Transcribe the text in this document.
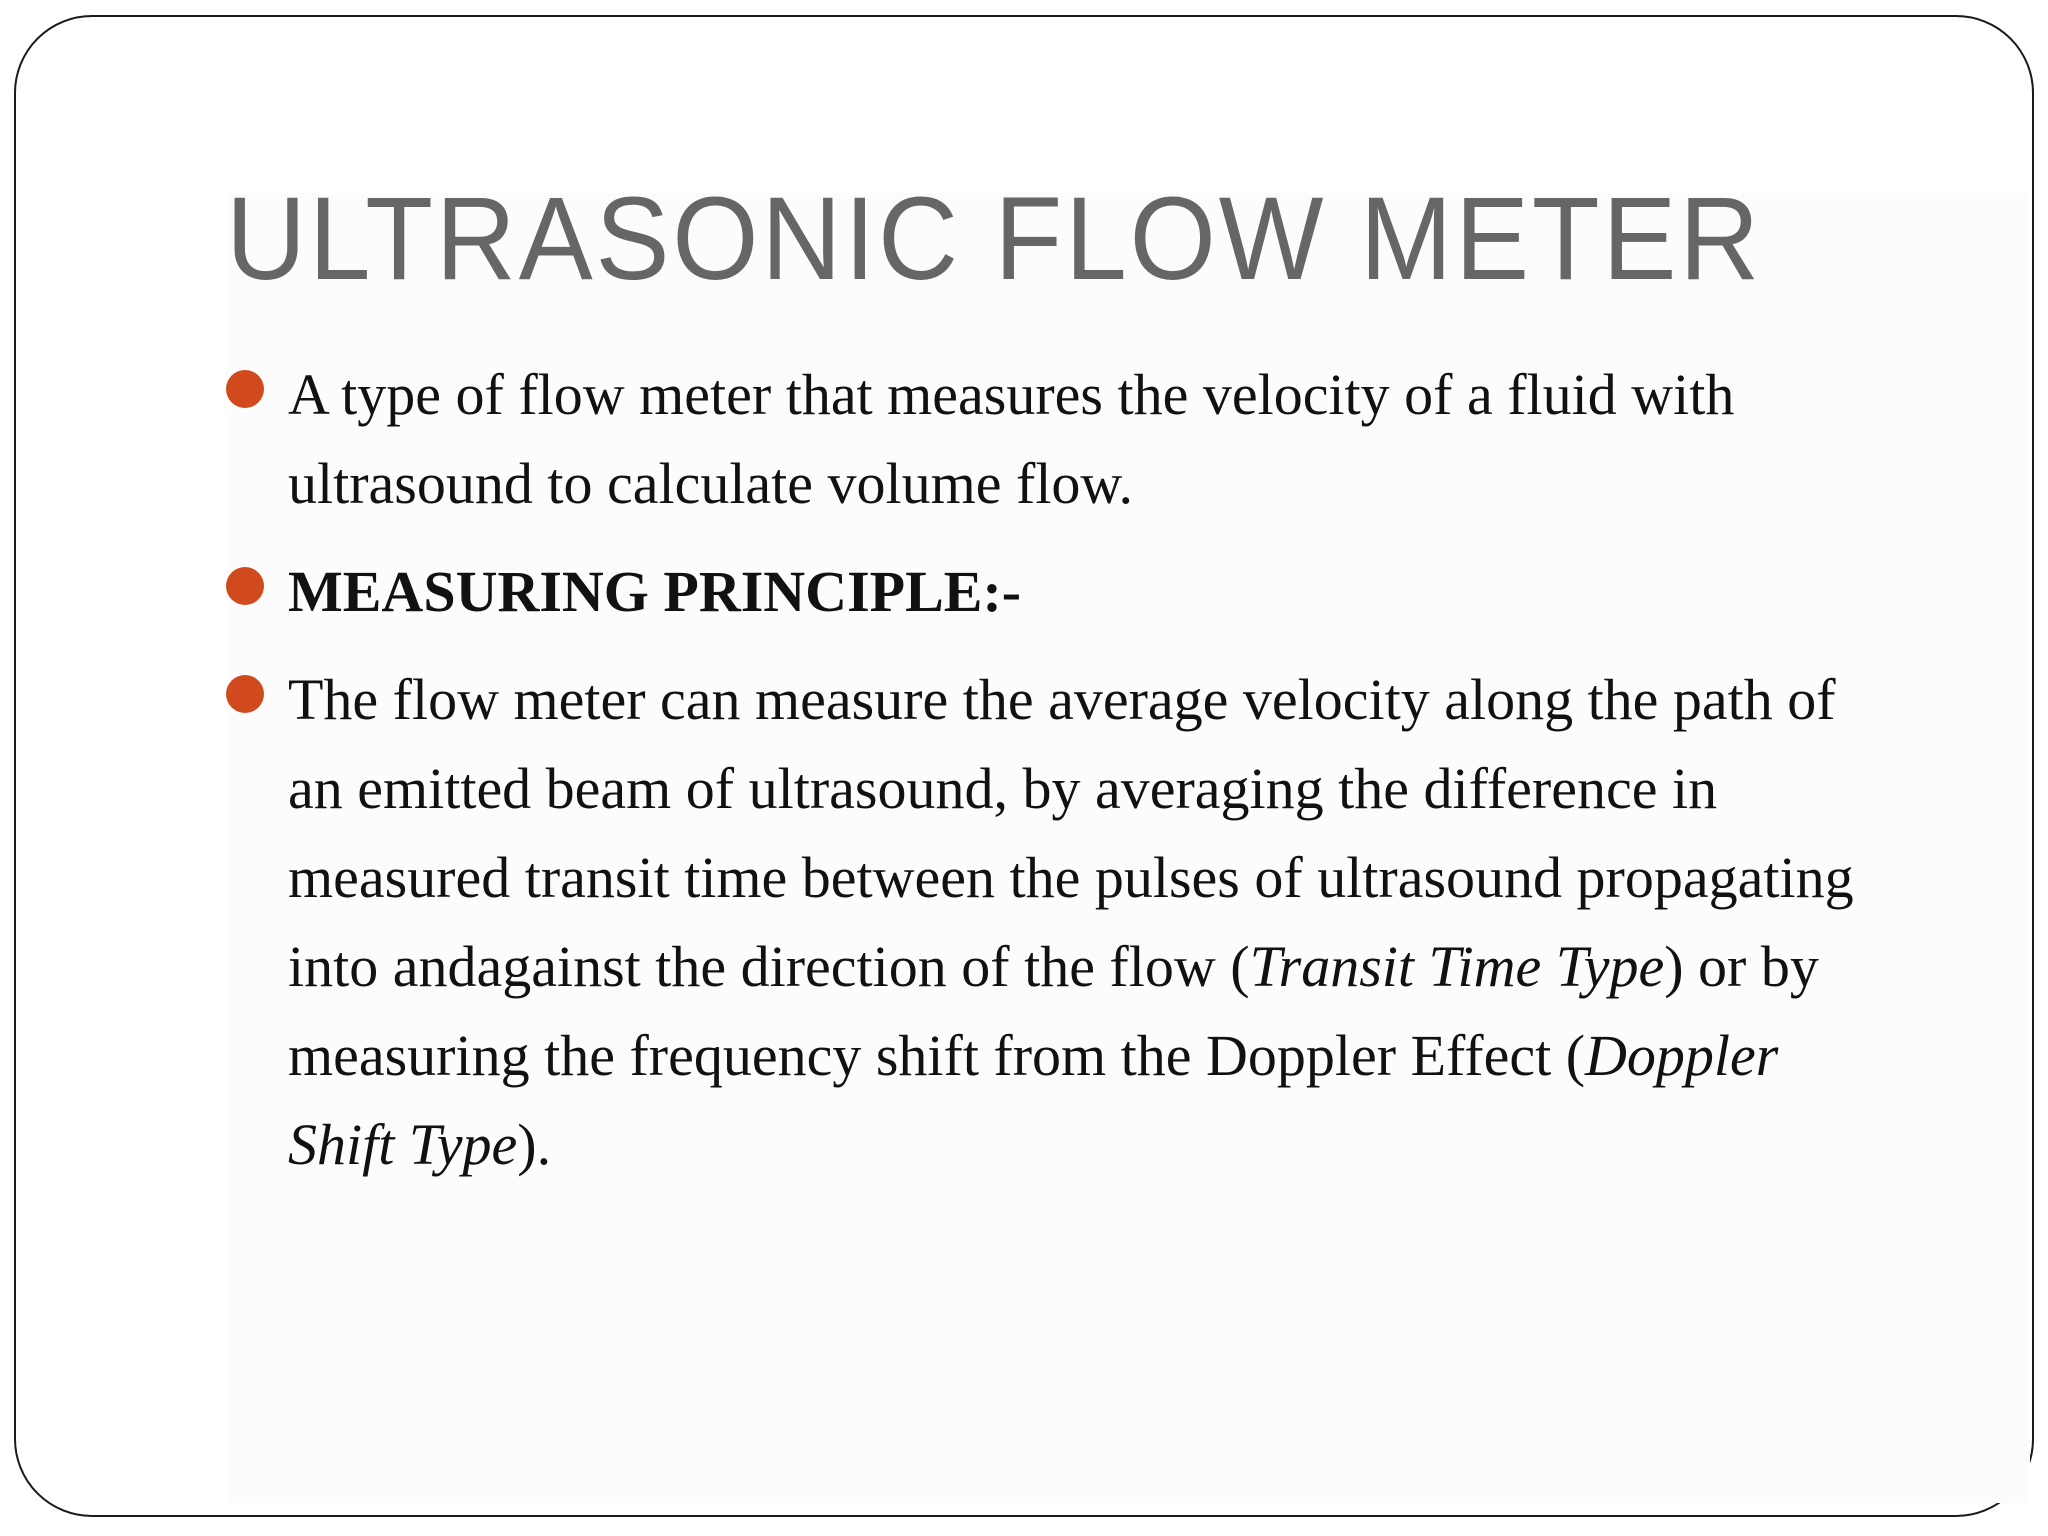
ULTRASONIC FLOW METER
A type of flow meter that measures the velocity of a fluid with ultrasound to calculate volume flow.
MEASURING PRINCIPLE:-
The flow meter can measure the average velocity along the path of an emitted beam of ultrasound, by averaging the difference in measured transit time between the pulses of ultrasound propagating into andagainst the direction of the flow (Transit Time Type) or by measuring the frequency shift from the Doppler Effect (Doppler Shift Type).
